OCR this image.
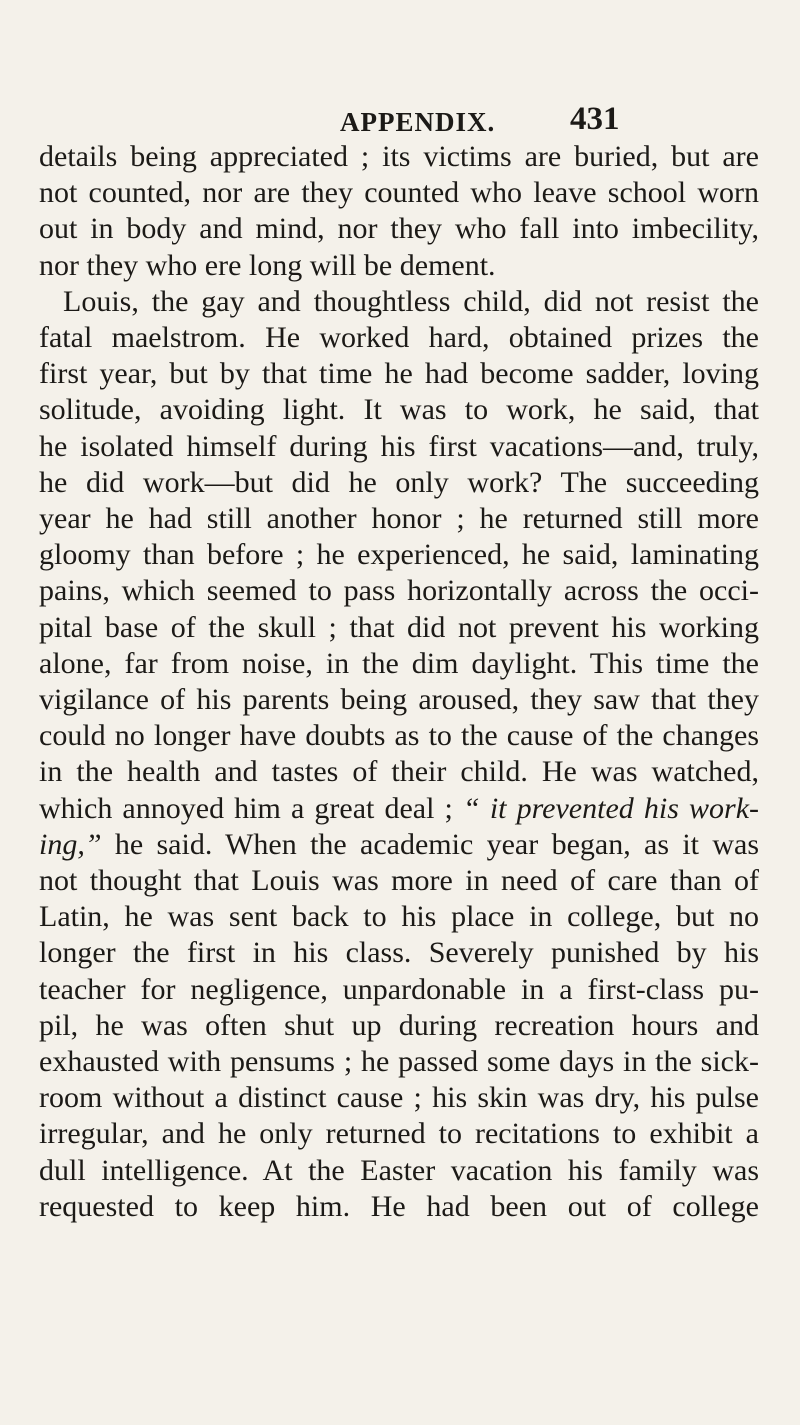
APPENDIX. 431
details being appreciated ; its victims are buried, but are
not counted, nor are they counted who leave school worn
out in body and mind, nor they who fall into imbecility,
nor they who ere long will be dement.
Louis, the gay and thoughtless child, did not resist the
fatal maelstrom. He worked hard, obtained prizes the
first year, but by that time he had become sadder, loving
solitude, avoiding light. It was to work, he said, that
he isolated himself during his first vacations—and, truly,
he did work—but did he only work? The succeeding
year he had still another honor ; he returned still more
gloomy than before ; he experienced, he said, laminating
pains, which seemed to pass horizontally across the occi-
pital base of the skull ; that did not prevent his working
alone, far from noise, in the dim daylight. This time the
vigilance of his parents being aroused, they saw that they
could no longer have doubts as to the cause of the changes
in the health and tastes of their child. He was watched,
which annoyed him a great deal ; “ it prevented his work-
ing,” he said. When the academic year began, as it was
not thought that Louis was more in need of care than of
Latin, he was sent back to his place in college, but no
longer the first in his class. Severely punished by his
teacher for negligence, unpardonable in a first-class pu-
pil, he was often shut up during recreation hours and
exhausted with pensums ; he passed some days in the sick-
room without a distinct cause ; his skin was dry, his pulse
irregular, and he only returned to recitations to exhibit a
dull intelligence. At the Easter vacation his family was
requested to keep him. He had been out of college
